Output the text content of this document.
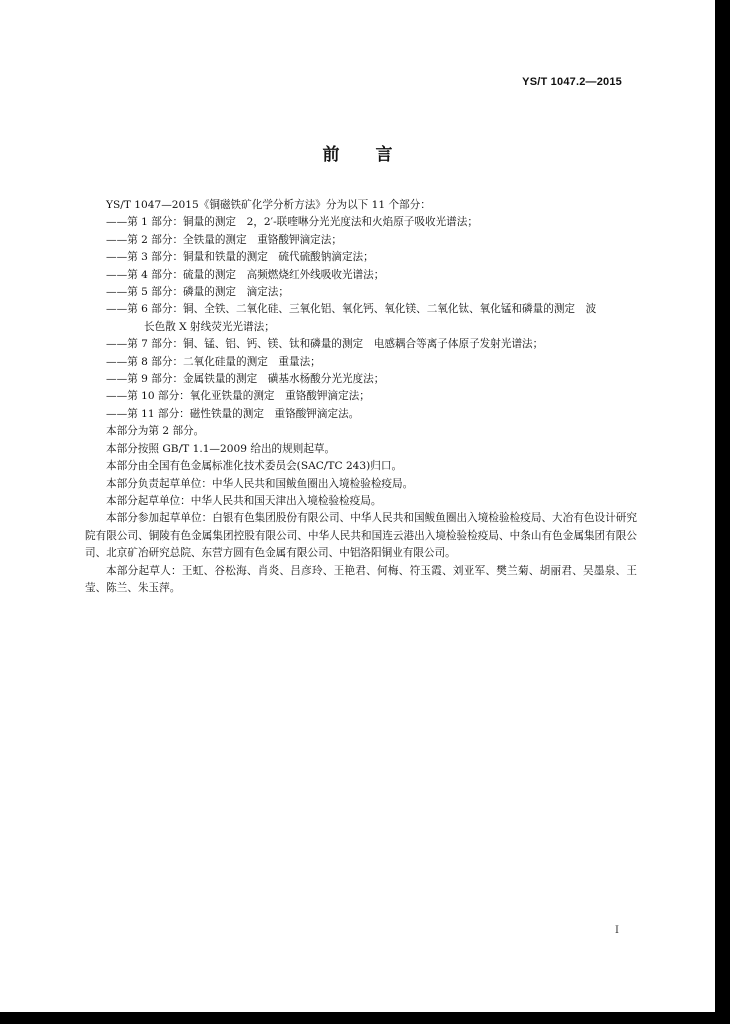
YS/T 1047.2—2015
前言

YS/T 1047—2015《铜磁铁矿化学分析方法》分为以下 11 个部分：

——第 1 部分：铜量的测定　2，2′-联喹啉分光光度法和火焰原子吸收光谱法；

——第 2 部分：全铁量的测定　重铬酸钾滴定法；

——第 3 部分：铜量和铁量的测定　硫代硫酸钠滴定法；

——第 4 部分：硫量的测定　高频燃烧红外线吸收光谱法；

——第 5 部分：磷量的测定　滴定法；

——第 6 部分：铜、全铁、二氧化硅、三氧化铝、氧化钙、氧化镁、二氧化钛、氧化锰和磷量的测定　波
长色散 X 射线荧光光谱法；

——第 7 部分：铜、锰、铝、钙、镁、钛和磷量的测定　电感耦合等离子体原子发射光谱法；

——第 8 部分：二氧化硅量的测定　重量法；

——第 9 部分：金属铁量的测定　磺基水杨酸分光光度法；

——第 10 部分：氧化亚铁量的测定　重铬酸钾滴定法；

——第 11 部分：磁性铁量的测定　重铬酸钾滴定法。

本部分为第 2 部分。

本部分按照 GB/T 1.1—2009 给出的规则起草。

本部分由全国有色金属标准化技术委员会(SAC/TC 243)归口。

本部分负责起草单位：中华人民共和国鲅鱼圈出入境检验检疫局。

本部分起草单位：中华人民共和国天津出入境检验检疫局。

本部分参加起草单位：白银有色集团股份有限公司、中华人民共和国鲅鱼圈出入境检验检疫局、大冶有色设计研究院有限公司、铜陵有色金属集团控股有限公司、中华人民共和国连云港出入境检验检疫局、中条山有色金属集团有限公司、北京矿冶研究总院、东营方圆有色金属有限公司、中铝洛阳铜业有限公司。

本部分起草人：王虹、谷松海、肖炎、吕彦玲、王艳君、何梅、符玉霞、刘亚军、樊兰菊、胡丽君、吴墨泉、王莹、陈兰、朱玉萍。

I
